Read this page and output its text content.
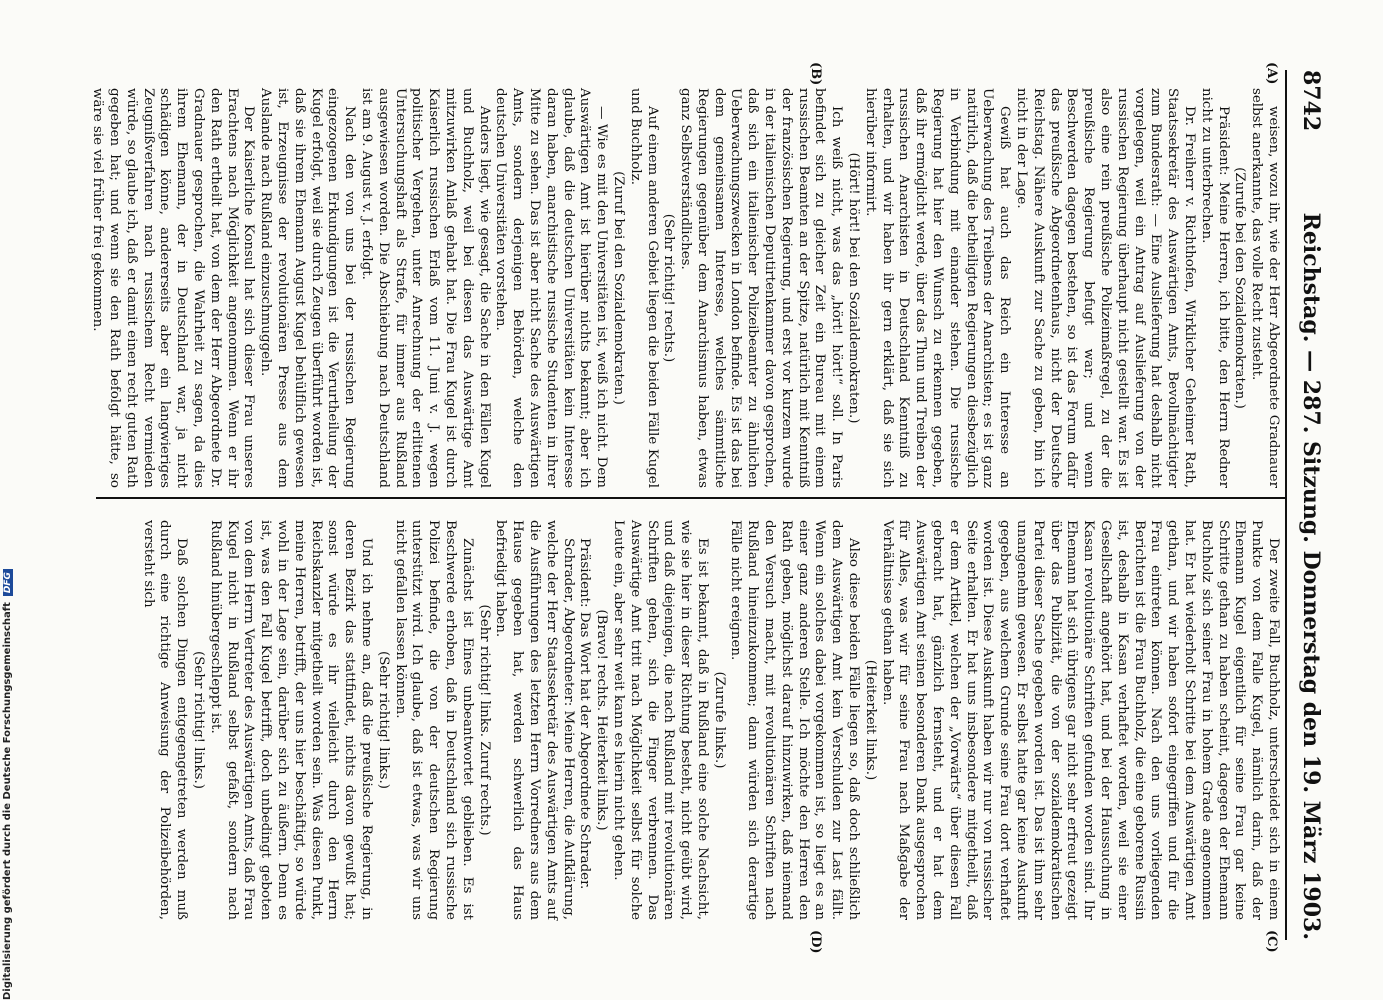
8742
Reichstag. — 287. Sitzung. Donnerstag den 19. März 1903.
(A)
(B)
(C)
(D)

weisen, wozu ihr, wie der Herr Abgeordnete Gradnauer selbst anerkannte, das volle Recht zusteht.

(Zurufe bei den Sozialdemokraten.)

Präsident: Meine Herren, ich bitte, den Herrn Redner nicht zu unterbrechen.

Dr. Freiherr v. Richthofen, Wirklicher Geheimer Rath, Staatssekretär des Auswärtigen Amts, Bevollmächtigter zum Bundesrath: — Eine Auslieferung hat deshalb nicht vorgelegen, weil ein Antrag auf Auslieferung von der russischen Regierung überhaupt nicht gestellt war. Es ist also eine rein preußische Polizeimaßregel, zu der die preußische Regierung befugt war; und wenn Beschwerden dagegen bestehen, so ist das Forum dafür das preußische Abgeordnetenhaus, nicht der Deutsche Reichstag. Nähere Auskunft zur Sache zu geben, bin ich nicht in der Lage.

Gewiß hat auch das Reich ein Interesse an Ueberwachung des Treibens der Anarchisten; es ist ganz natürlich, daß die betheiligten Regierungen diesbezüglich in Verbindung mit einander stehen. Die russische Regierung hat hier den Wunsch zu erkennen gegeben, daß ihr ermöglicht werde, über das Thun und Treiben der russischen Anarchisten in Deutschland Kenntniß zu erhalten, und wir haben ihr gern erklärt, daß sie sich hierüber informirt.

(Hört! hört! bei den Sozialdemokraten.)

Ich weiß nicht, was das „hört! hört!“ soll. In Paris befindet sich zu gleicher Zeit ein Bureau mit einem russischen Beamten an der Spitze, natürlich mit Kenntniß der französischen Regierung, und erst vor kurzem wurde in der italienischen Deputirtenkammer davon gesprochen, daß sich ein italienischer Polizeibeamter zu ähnlichen Ueberwachungszwecken in London befinde. Es ist das bei dem gemeinsamen Interesse, welches sämmtliche Regierungen gegenüber dem Anarchismus haben, etwas ganz Selbstverständliches.

(Sehr richtig! rechts.)

Auf einem anderen Gebiet liegen die beiden Fälle Kugel und Buchholz.

(Zuruf bei den Sozialdemokraten.)

— Wie es mit den Universitäten ist, weiß ich nicht. Dem Auswärtigen Amt ist hierüber nichts bekannt; aber ich glaube, daß die deutschen Universitäten kein Interesse daran haben, anarchistische russische Studenten in ihrer Mitte zu sehen. Das ist aber nicht Sache des Auswärtigen Amts, sondern derjenigen Behörden, welche den deutschen Universitäten vorstehen.

Anders liegt, wie gesagt, die Sache in den Fällen Kugel und Buchholz, weil bei diesen das Auswärtige Amt mitzuwirken Anlaß gehabt hat. Die Frau Kugel ist durch Kaiserlich russischen Erlaß vom 11. Juni v. J. wegen politischer Vergehen, unter Anrechnung der erlittenen Untersuchungshaft als Strafe, für immer aus Rußland ausgewiesen worden. Die Abschiebung nach Deutschland ist am 9. August v. J. erfolgt.

Nach den von uns bei der russischen Regierung eingezogenen Erkundigungen ist die Verurtheilung der Kugel erfolgt, weil sie durch Zeugen überführt worden ist, daß sie ihrem Ehemann August Kugel behülflich gewesen ist, Erzeugnisse der revolutionären Presse aus dem Auslande nach Rußland einzuschmuggeln.

Der Kaiserliche Konsul hat sich dieser Frau unseres Erachtens nach Möglichkeit angenommen. Wenn er ihr den Rath ertheilt hat, von dem der Herr Abgeordnete Dr. Gradnauer gesprochen, die Wahrheit zu sagen, da dies ihrem Ehemann, der in Deutschland war, ja nicht schädigen könne, andererseits aber ein langwieriges Zeugnißverfahren nach russischem Recht vermieden würde, so glaube ich, daß er damit einen recht guten Rath gegeben hat; und wenn sie den Rath befolgt hätte, so wäre sie viel früher frei gekommen.

Der zweite Fall, Buchholz, unterscheidet sich in einem Punkte von dem Falle Kugel, nämlich darin, daß der Ehemann Kugel eigentlich für seine Frau gar keine Schritte gethan zu haben scheint, dagegen der Ehemann Buchholz sich seiner Frau in hohem Grade angenommen hat. Er hat wiederholt Schritte bei dem Auswärtigen Amt gethan, und wir haben sofort eingegriffen und für die Frau eintreten können. Nach den uns vorliegenden Berichten ist die Frau Buchholz, die eine geborene Russin ist, deshalb in Kasan verhaftet worden, weil sie einer Gesellschaft angehört hat, und bei der Haussuchung in Kasan revolutionäre Schriften gefunden worden sind. Ihr Ehemann hat sich übrigens gar nicht sehr erfreut gezeigt über das Publizität, die von der sozialdemokratischen Partei dieser Sache gegeben worden ist. Das ist ihm sehr unangenehm gewesen. Er selbst hatte gar keine Auskunft gegeben, aus welchem Grunde seine Frau dort verhaftet worden ist. Diese Auskunft haben wir nur von russischer Seite erhalten. Er hat uns insbesondere mitgetheilt, daß er dem Artikel, welchen der „Vorwärts“ über diesen Fall gebracht hat, gänzlich fernsteht, und er hat dem Auswärtigen Amt seinen besonderen Dank ausgesprochen für Alles, was wir für seine Frau nach Maßgabe der Verhältnisse gethan haben.

(Heiterkeit links.)

Also diese beiden Fälle liegen so, daß doch schließlich dem Auswärtigen Amt kein Verschulden zur Last fällt. Wenn ein solches dabei vorgekommen ist, so liegt es an einer ganz anderen Stelle. Ich möchte den Herren den Rath geben, möglichst darauf hinzuwirken, daß niemand den Versuch macht, mit revolutionären Schriften nach Rußland hineinzukommen; dann würden sich derartige Fälle nicht ereignen.

(Zurufe links.)

Es ist bekannt, daß in Rußland eine solche Nachsicht, wie sie hier in dieser Richtung besteht, nicht geübt wird, und daß diejenigen, die nach Rußland mit revolutionären Schriften gehen, sich die Finger verbrennen. Das Auswärtige Amt tritt nach Möglichkeit selbst für solche Leute ein, aber sehr weit kann es hierin nicht gehen.

(Bravo! rechts. Heiterkeit links.)

Präsident: Das Wort hat der Abgeordnete Schrader.

Schrader, Abgeordneter: Meine Herren, die Aufklärung, welche der Herr Staatssekretär des Auswärtigen Amts auf die Ausführungen des letzten Herrn Vorredners aus dem Hause gegeben hat, werden schwerlich das Haus befriedigt haben.

(Sehr richtig! links. Zuruf rechts.)

Zunächst ist Eines unbeantwortet geblieben. Es ist Beschwerde erhoben, daß in Deutschland sich russische Polizei befinde, die von der deutschen Regierung unterstützt wird. Ich glaube, daß ist etwas, was wir uns nicht gefallen lassen können.

(Sehr richtig! links.)

Und ich nehme an, daß die preußische Regierung, in deren Bezirk das stattfindet, nichts davon gewußt hat; sonst würde es ihr vielleicht durch den Herrn Reichskanzler mitgetheilt worden sein. Was diesen Punkt, meine Herren, betrifft, der uns hier beschäftigt, so würde wohl in der Lage sein, darüber sich zu äußern. Denn es ist, was den Fall Kugel betrifft, doch unbedingt geboten von dem Herrn Vertreter des Auswärtigen Amts, daß Frau Kugel nicht in Rußland selbst gefaßt, sondern nach Rußland hinübergeschleppt ist.

(Sehr richtig! links.)

Daß solchen Dingen entgegengetreten werden muß durch eine richtige Anweisung der Polizeibehörden, versteht sich

Digitalisierung gefördert durch die Deutsche Forschungsgemeinschaft
DFG
